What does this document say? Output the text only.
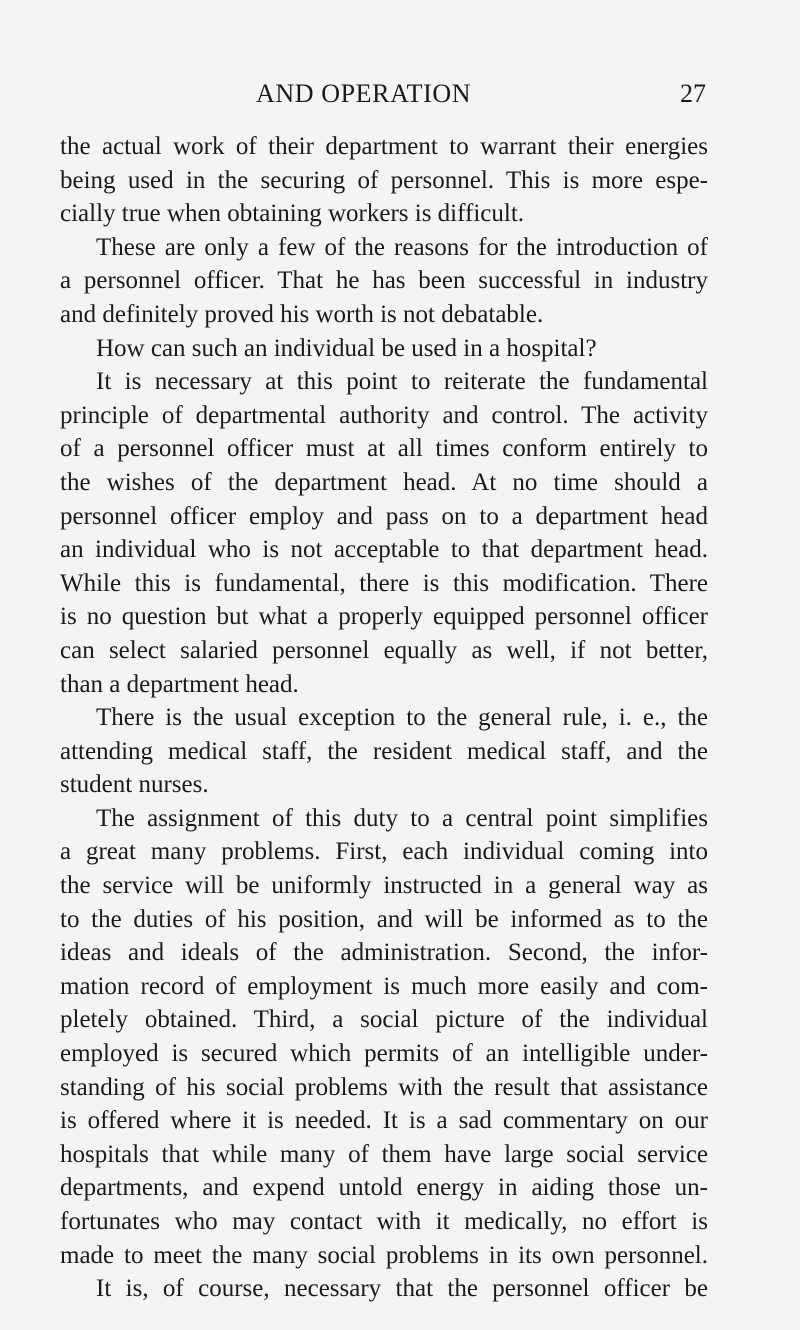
AND OPERATION	27
the actual work of their department to warrant their energies
being used in the securing of personnel. This is more espe-
cially true when obtaining workers is difficult.
These are only a few of the reasons for the introduction of
a personnel officer. That he has been successful in industry
and definitely proved his worth is not debatable.
How can such an individual be used in a hospital?
It is necessary at this point to reiterate the fundamental
principle of departmental authority and control. The activity
of a personnel officer must at all times conform entirely to
the wishes of the department head. At no time should a
personnel officer employ and pass on to a department head
an individual who is not acceptable to that department head.
While this is fundamental, there is this modification. There
is no question but what a properly equipped personnel officer
can select salaried personnel equally as well, if not better,
than a department head.
There is the usual exception to the general rule, i. e., the
attending medical staff, the resident medical staff, and the
student nurses.
The assignment of this duty to a central point simplifies
a great many problems. First, each individual coming into
the service will be uniformly instructed in a general way as
to the duties of his position, and will be informed as to the
ideas and ideals of the administration. Second, the infor-
mation record of employment is much more easily and com-
pletely obtained. Third, a social picture of the individual
employed is secured which permits of an intelligible under-
standing of his social problems with the result that assistance
is offered where it is needed. It is a sad commentary on our
hospitals that while many of them have large social service
departments, and expend untold energy in aiding those un-
fortunates who may contact with it medically, no effort is
made to meet the many social problems in its own personnel.
It is, of course, necessary that the personnel officer be
